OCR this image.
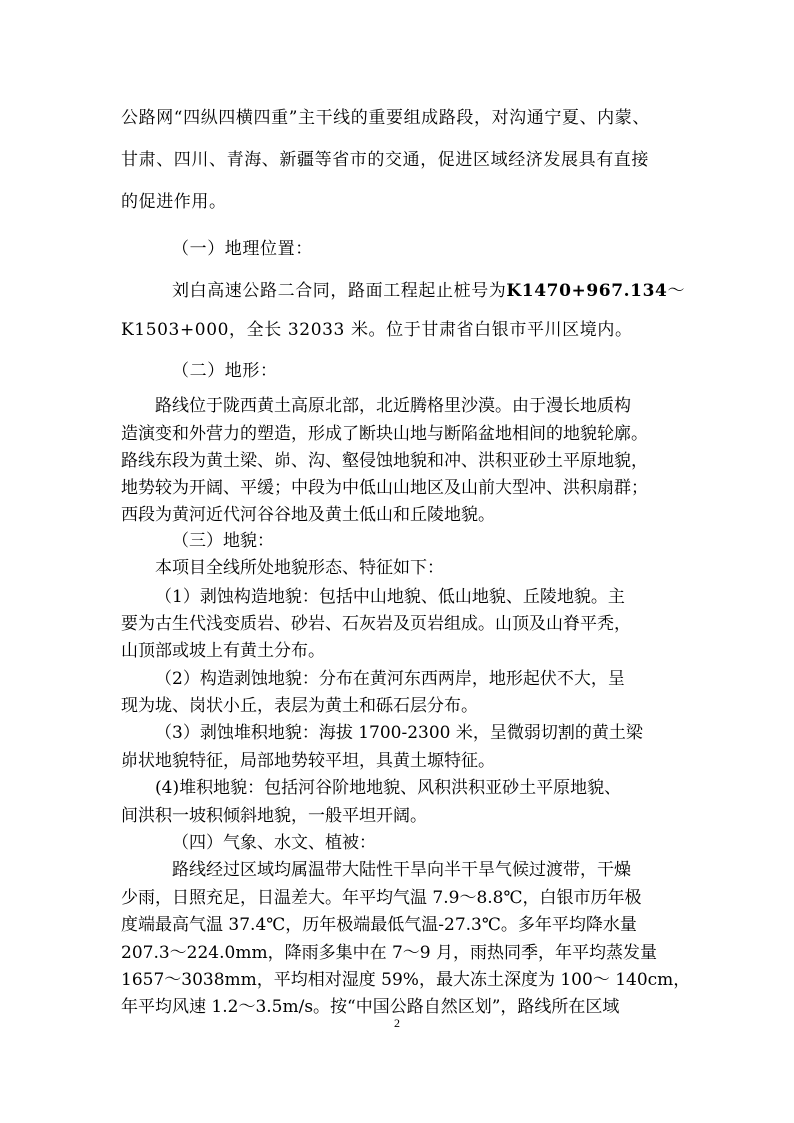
公路网“四纵四横四重”主干线的重要组成路段，对沟通宁夏、内蒙、
甘肃、四川、青海、新疆等省市的交通，促进区域经济发展具有直接
的促进作用。
（一）地理位置：
刘白高速公路二合同，路面工程起止桩号为K1470+967.134～
K1503+000，全长 32033 米。位于甘肃省白银市平川区境内。
（二）地形：
路线位于陇西黄土高原北部，北近腾格里沙漠。由于漫长地质构
造演变和外营力的塑造，形成了断块山地与断陷盆地相间的地貌轮廓。
路线东段为黄土梁、峁、沟、壑侵蚀地貌和冲、洪积亚砂土平原地貌，
地势较为开阔、平缓；中段为中低山山地区及山前大型冲、洪积扇群；
西段为黄河近代河谷谷地及黄土低山和丘陵地貌。
（三）地貌：
本项目全线所处地貌形态、特征如下：
（1）剥蚀构造地貌：包括中山地貌、低山地貌、丘陵地貌。主
要为古生代浅变质岩、砂岩、石灰岩及页岩组成。山顶及山脊平秃，
山顶部或坡上有黄土分布。
（2）构造剥蚀地貌：分布在黄河东西两岸，地形起伏不大，呈
现为垅、岗状小丘，表层为黄土和砾石层分布。
（3）剥蚀堆积地貌：海拔 1700-2300 米，呈微弱切割的黄土梁
峁状地貌特征，局部地势较平坦，具黄土塬特征。
(4)堆积地貌：包括河谷阶地地貌、风积洪积亚砂土平原地貌、
间洪积一坡积倾斜地貌，一般平坦开阔。
（四）气象、水文、植被：
路线经过区域均属温带大陆性干旱向半干旱气候过渡带，干燥
少雨，日照充足，日温差大。年平均气温 7.9～8.8℃，白银市历年极
度端最高气温 37.4℃，历年极端最低气温-27.3℃。多年平均降水量
207.3～224.0mm，降雨多集中在 7～9 月，雨热同季，年平均蒸发量
1657～3038mm，平均相对湿度 59%，最大冻土深度为 100～ 140cm，
年平均风速 1.2～3.5m/s。按“中国公路自然区划”，路线所在区域
2
